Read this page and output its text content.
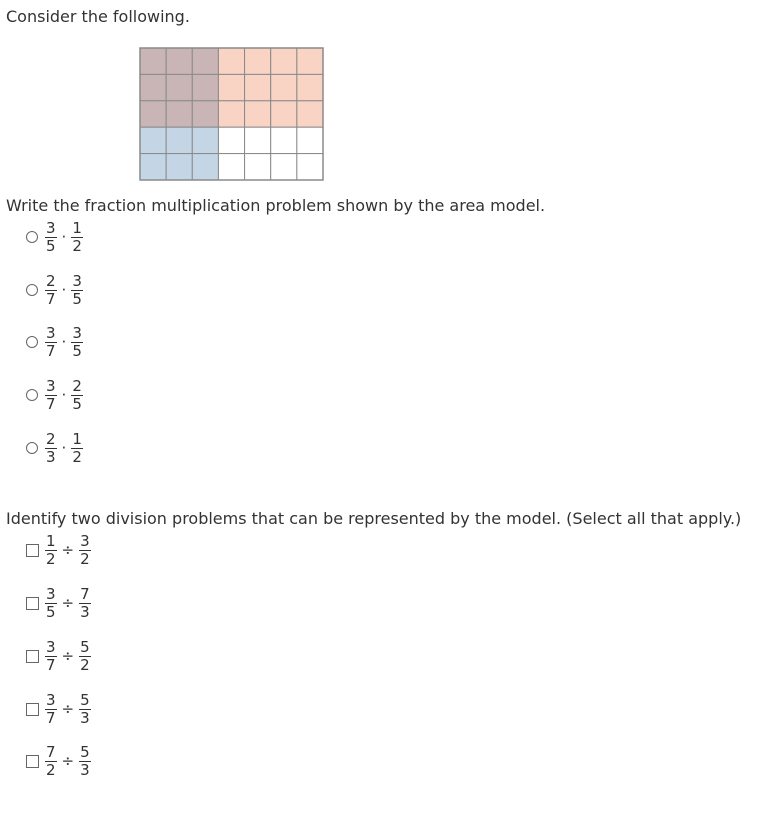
Consider the following.

Write the fraction multiplication problem shown by the area model.

$\frac{3}{5} \cdot \frac{1}{2}$
$\frac{2}{7} \cdot \frac{3}{5}$
$\frac{3}{7} \cdot \frac{3}{5}$
$\frac{3}{7} \cdot \frac{2}{5}$
$\frac{2}{3} \cdot \frac{1}{2}$

Identify two division problems that can be represented by the model. (Select all that apply.)

$\frac{1}{2} \div \frac{3}{2}$
$\frac{3}{5} \div \frac{7}{3}$
$\frac{3}{7} \div \frac{5}{2}$
$\frac{3}{7} \div \frac{5}{3}$
$\frac{7}{2} \div \frac{5}{3}$
